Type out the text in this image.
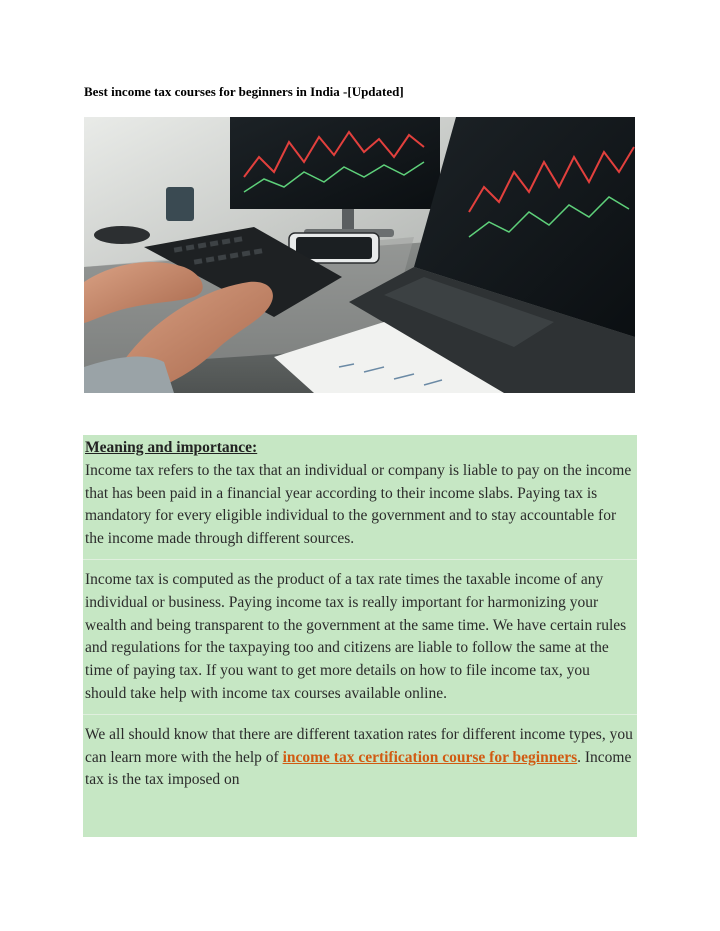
Best income tax courses for beginners in India -[Updated]

Meaning and importance:

Income tax refers to the tax that an individual or company is liable to pay on the income that has been paid in a financial year according to their income slabs. Paying tax is mandatory for every eligible individual to the government and to stay accountable for the income made through different sources.

Income tax is computed as the product of a tax rate times the taxable income of any individual or business. Paying income tax is really important for harmonizing your wealth and being transparent to the government at the same time. We have certain rules and regulations for the taxpaying too and citizens are liable to follow the same at the time of paying tax. If you want to get more details on how to file income tax, you should take help with income tax courses available online.

We all should know that there are different taxation rates for different income types, you can learn more with the help of income tax certification course for beginners. Income tax is the tax imposed on
